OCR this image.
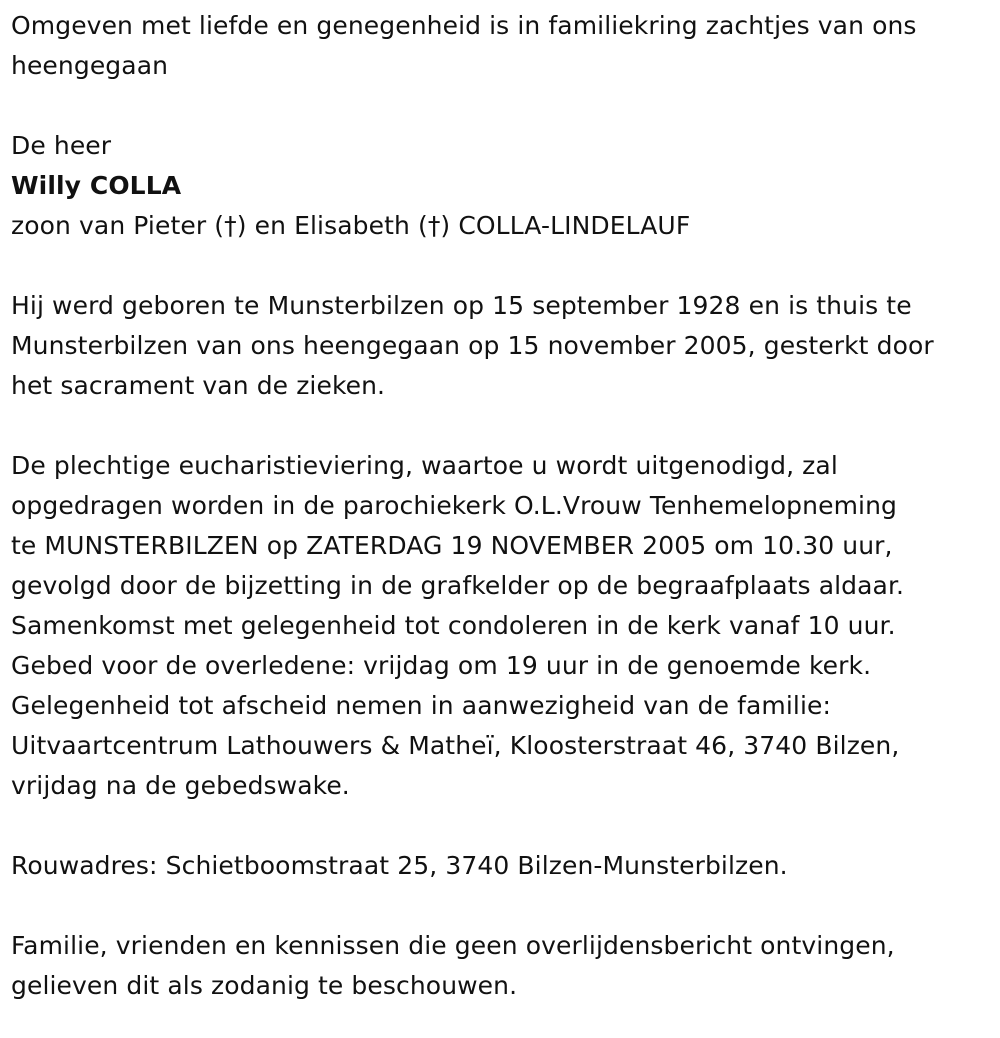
Omgeven met liefde en genegenheid is in familiekring zachtjes van ons
heengegaan
De heer
Willy COLLA
zoon van Pieter (†) en Elisabeth (†) COLLA-LINDELAUF
Hij werd geboren te Munsterbilzen op 15 september 1928 en is thuis te
Munsterbilzen van ons heengegaan op 15 november 2005, gesterkt door
het sacrament van de zieken.
De plechtige eucharistieviering, waartoe u wordt uitgenodigd, zal
opgedragen worden in de parochiekerk O.L.Vrouw Tenhemelopneming
te MUNSTERBILZEN op ZATERDAG 19 NOVEMBER 2005 om 10.30 uur,
gevolgd door de bijzetting in de grafkelder op de begraafplaats aldaar.
Samenkomst met gelegenheid tot condoleren in de kerk vanaf 10 uur.
Gebed voor de overledene: vrijdag om 19 uur in de genoemde kerk.
Gelegenheid tot afscheid nemen in aanwezigheid van de familie:
Uitvaartcentrum Lathouwers & Matheï, Kloosterstraat 46, 3740 Bilzen,
vrijdag na de gebedswake.
Rouwadres: Schietboomstraat 25, 3740 Bilzen-Munsterbilzen.
Familie, vrienden en kennissen die geen overlijdensbericht ontvingen,
gelieven dit als zodanig te beschouwen.
